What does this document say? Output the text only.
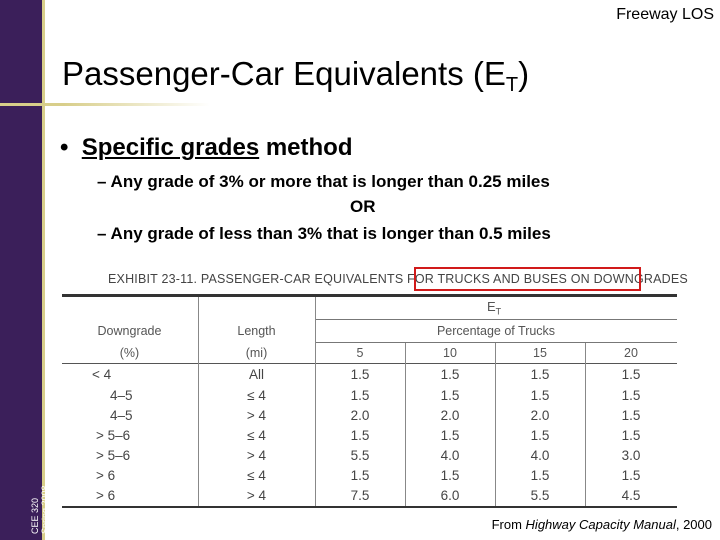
CEE 320 Spring 2008
Freeway LOS
Passenger-Car Equivalents $(E_T)$
• Specific grades method
– Any grade of 3% or more that is longer than 0.25 miles
OR
– Any grade of less than 3% that is longer than 0.5 miles
EXHIBIT 23-11. PASSENGER-CAR EQUIVALENTS FOR TRUCKS AND BUSES ON DOWNGRADES
$E_T$
Downgrade
(%)
Length
(mi)
Percentage of Trucks
5	10	15	20
< 4	All	1.5	1.5	1.5	1.5
4–5	≤ 4	1.5	1.5	1.5	1.5
4–5	> 4	2.0	2.0	2.0	1.5
> 5–6	≤ 4	1.5	1.5	1.5	1.5
> 5–6	> 4	5.5	4.0	4.0	3.0
> 6	≤ 4	1.5	1.5	1.5	1.5
> 6	> 4	7.5	6.0	5.5	4.5
From Highway Capacity Manual, 2000
